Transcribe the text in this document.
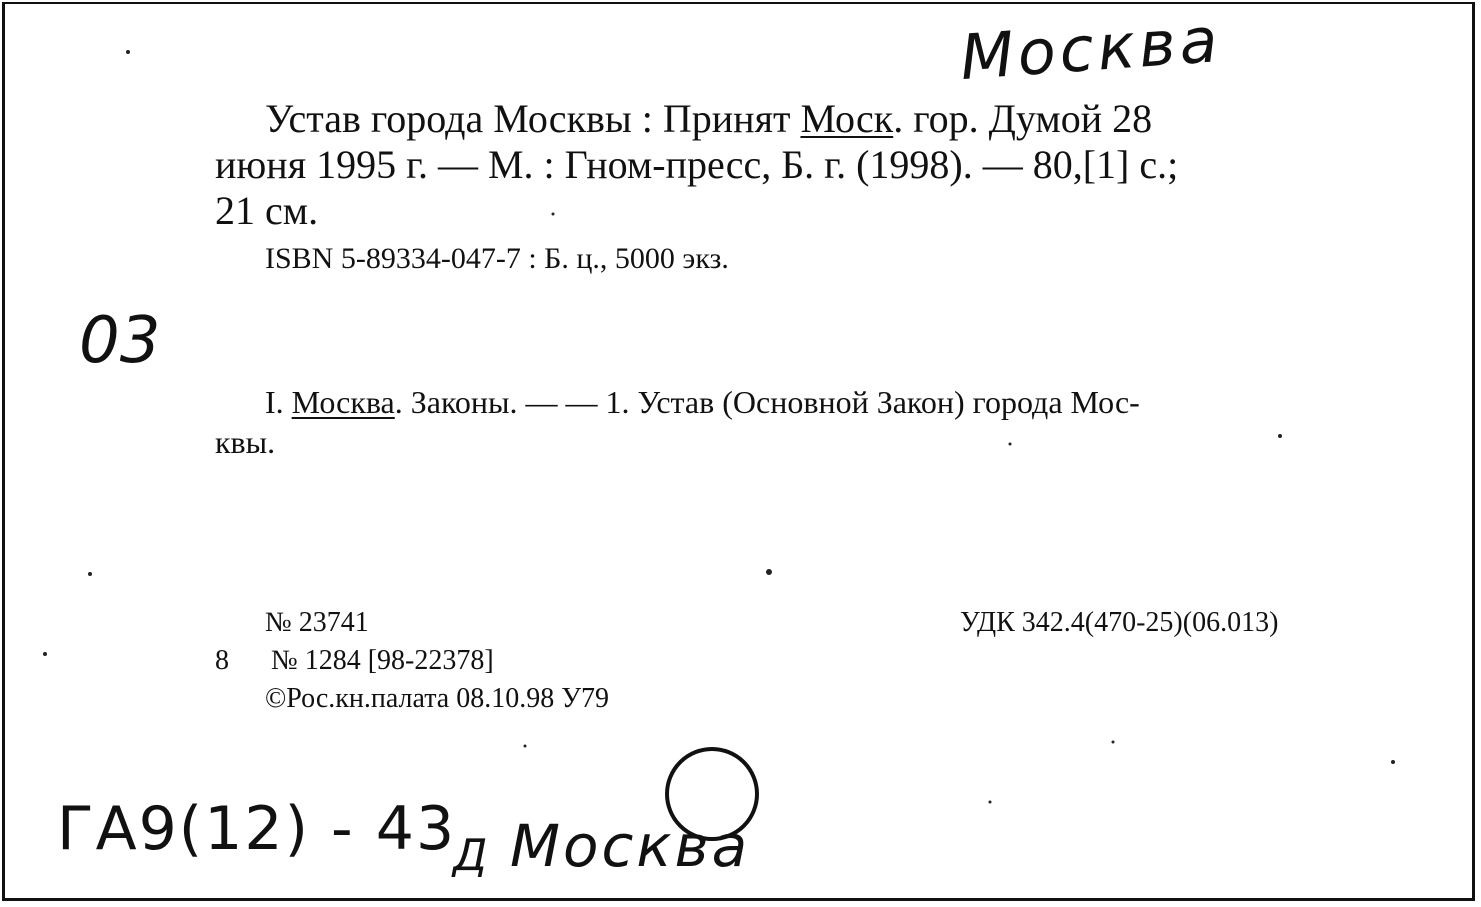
Москва
Устав города Москвы : Принят Моск. гор. Думой 28
июня 1995 г. — М. : Гном-пресс, Б. г. (1998). — 80,[1] с.;
21 см.
ISBN 5-89334-047-7 : Б. ц., 5000 экз.
03
I. Москва. Законы. — — 1. Устав (Основной Закон) города Мос-
квы.
№ 23741	УДК 342.4(470-25)(06.013)
8 № 1284 [98-22378]
©Рос.кн.палата 08.10.98 У79
ГА9(12) - 43
Д Москва
